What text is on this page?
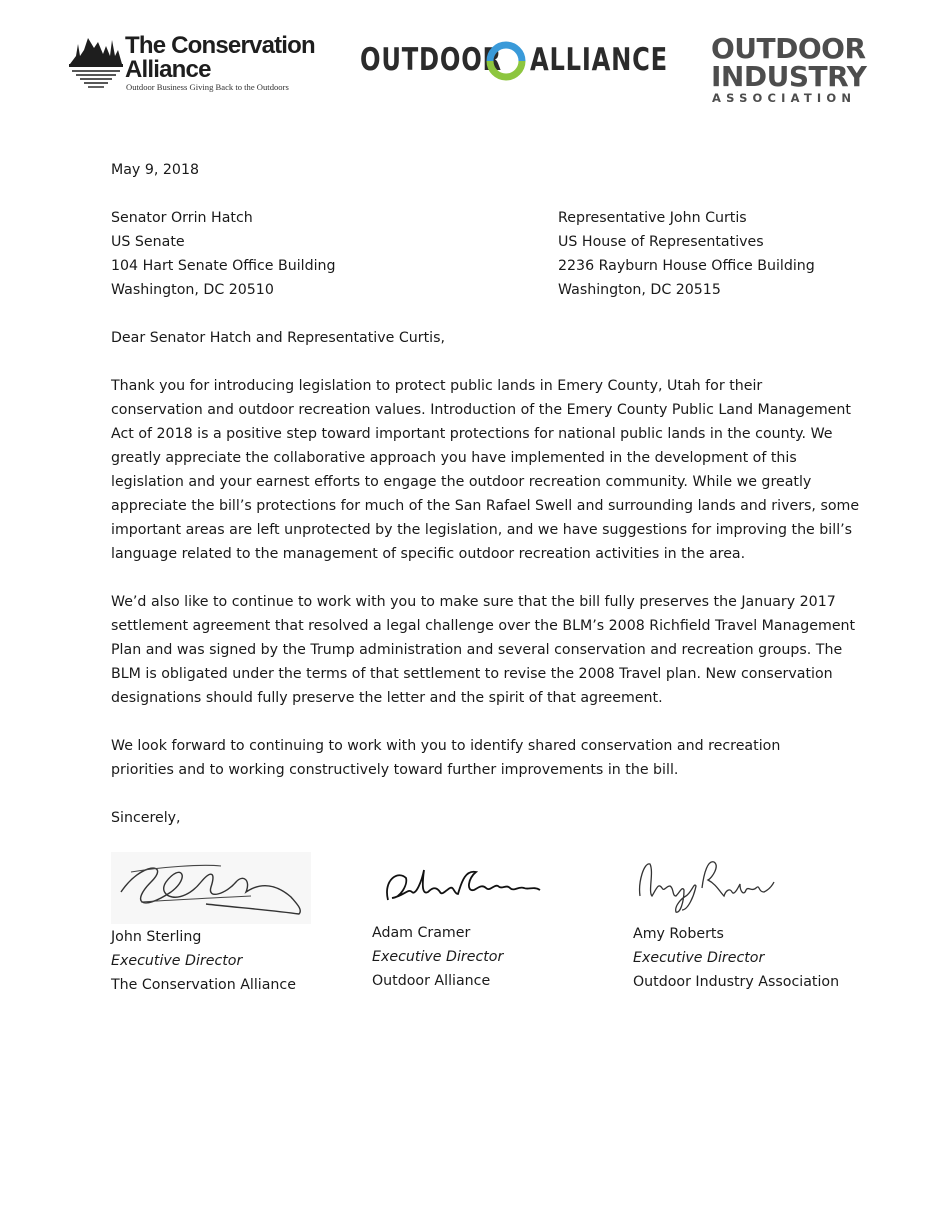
The Conservation
Alliance
Outdoor Business Giving Back to the Outdoors
OUTDOOR ALLIANCE OUTDOOR
INDUSTRY
ASSOCIATION
May 9, 2018
Senator Orrin Hatch
US Senate
104 Hart Senate Office Building
Washington, DC 20510
Representative John Curtis
US House of Representatives
2236 Rayburn House Office Building
Washington, DC 20515
Dear Senator Hatch and Representative Curtis,
Thank you for introducing legislation to protect public lands in Emery County, Utah for their
conservation and outdoor recreation values. Introduction of the Emery County Public Land Management
Act of 2018 is a positive step toward important protections for national public lands in the county. We
greatly appreciate the collaborative approach you have implemented in the development of this
legislation and your earnest efforts to engage the outdoor recreation community. While we greatly
appreciate the bill’s protections for much of the San Rafael Swell and surrounding lands and rivers, some
important areas are left unprotected by the legislation, and we have suggestions for improving the bill’s
language related to the management of specific outdoor recreation activities in the area.
We’d also like to continue to work with you to make sure that the bill fully preserves the January 2017
settlement agreement that resolved a legal challenge over the BLM’s 2008 Richfield Travel Management
Plan and was signed by the Trump administration and several conservation and recreation groups. The
BLM is obligated under the terms of that settlement to revise the 2008 Travel plan. New conservation
designations should fully preserve the letter and the spirit of that agreement.
We look forward to continuing to work with you to identify shared conservation and recreation
priorities and to working constructively toward further improvements in the bill.
Sincerely,
John Sterling
Executive Director
The Conservation Alliance
Adam Cramer
Executive Director
Outdoor Alliance
Amy Roberts
Executive Director
Outdoor Industry Association
